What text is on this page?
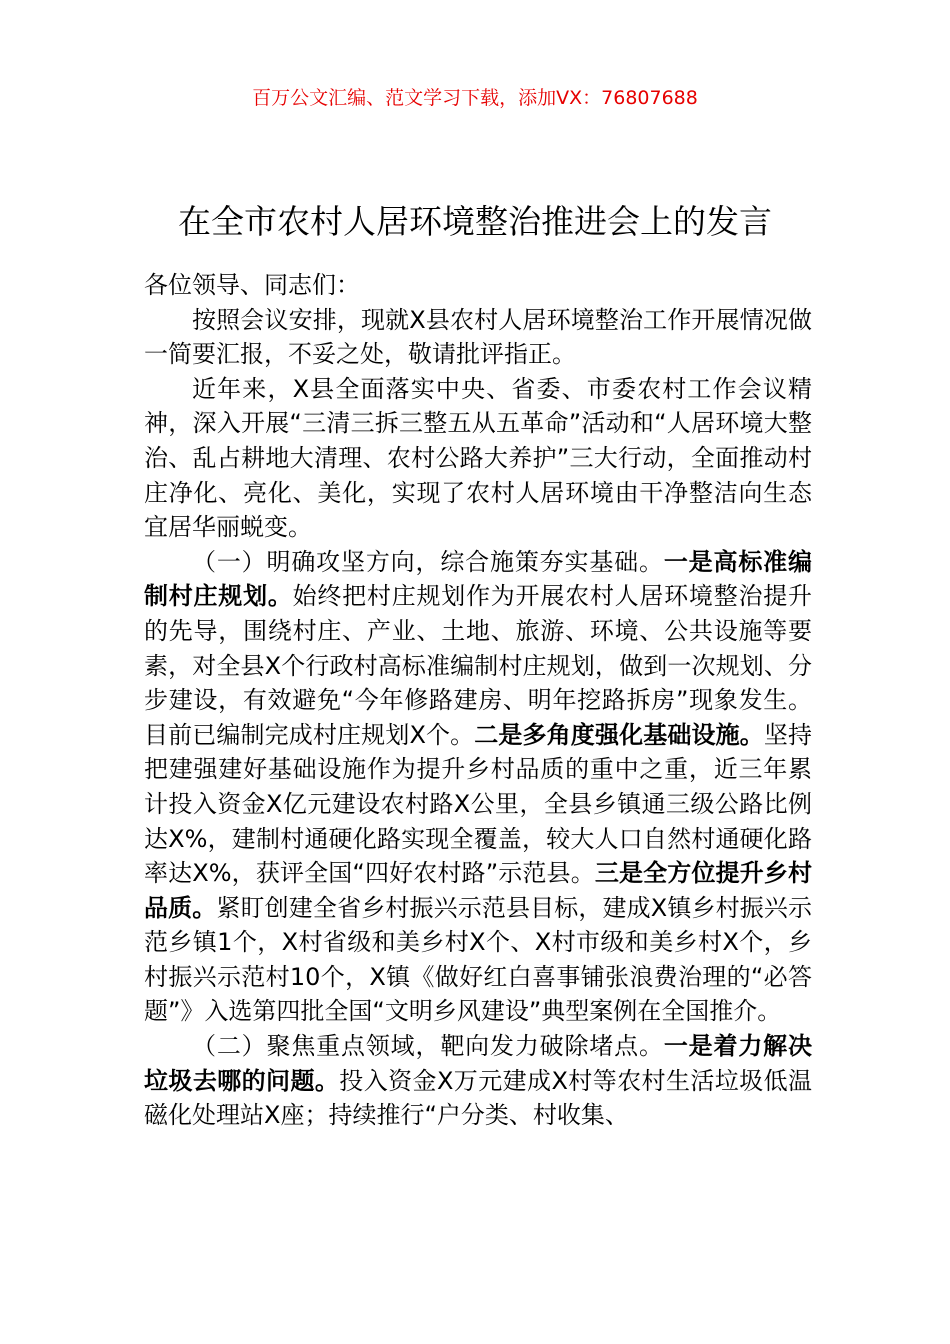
百万公文汇编、范文学习下载，添加VX：76807688
在全市农村人居环境整治推进会上的发言

各位领导、同志们：

按照会议安排，现就X县农村人居环境整治工作开展情况做一简要汇报，不妥之处，敬请批评指正。

近年来，X县全面落实中央、省委、市委农村工作会议精神，深入开展“三清三拆三整五从五革命”活动和“人居环境大整治、乱占耕地大清理、农村公路大养护”三大行动，全面推动村庄净化、亮化、美化，实现了农村人居环境由干净整洁向生态宜居华丽蜕变。

（一）明确攻坚方向，综合施策夯实基础。一是高标准编制村庄规划。始终把村庄规划作为开展农村人居环境整治提升的先导，围绕村庄、产业、土地、旅游、环境、公共设施等要素，对全县X个行政村高标准编制村庄规划，做到一次规划、分步建设，有效避免“今年修路建房、明年挖路拆房”现象发生。目前已编制完成村庄规划X个。二是多角度强化基础设施。坚持把建强建好基础设施作为提升乡村品质的重中之重，近三年累计投入资金X亿元建设农村路X公里，全县乡镇通三级公路比例达X%，建制村通硬化路实现全覆盖，较大人口自然村通硬化路率达X%，获评全国“四好农村路”示范县。三是全方位提升乡村品质。紧盯创建全省乡村振兴示范县目标，建成X镇乡村振兴示范乡镇1个，X村省级和美乡村X个、X村市级和美乡村X个，乡村振兴示范村10个，X镇《做好红白喜事铺张浪费治理的“必答题”》入选第四批全国“文明乡风建设”典型案例在全国推介。

（二）聚焦重点领域，靶向发力破除堵点。一是着力解决垃圾去哪的问题。投入资金X万元建成X村等农村生活垃圾低温磁化处理站X座；持续推行“户分类、村收集、
